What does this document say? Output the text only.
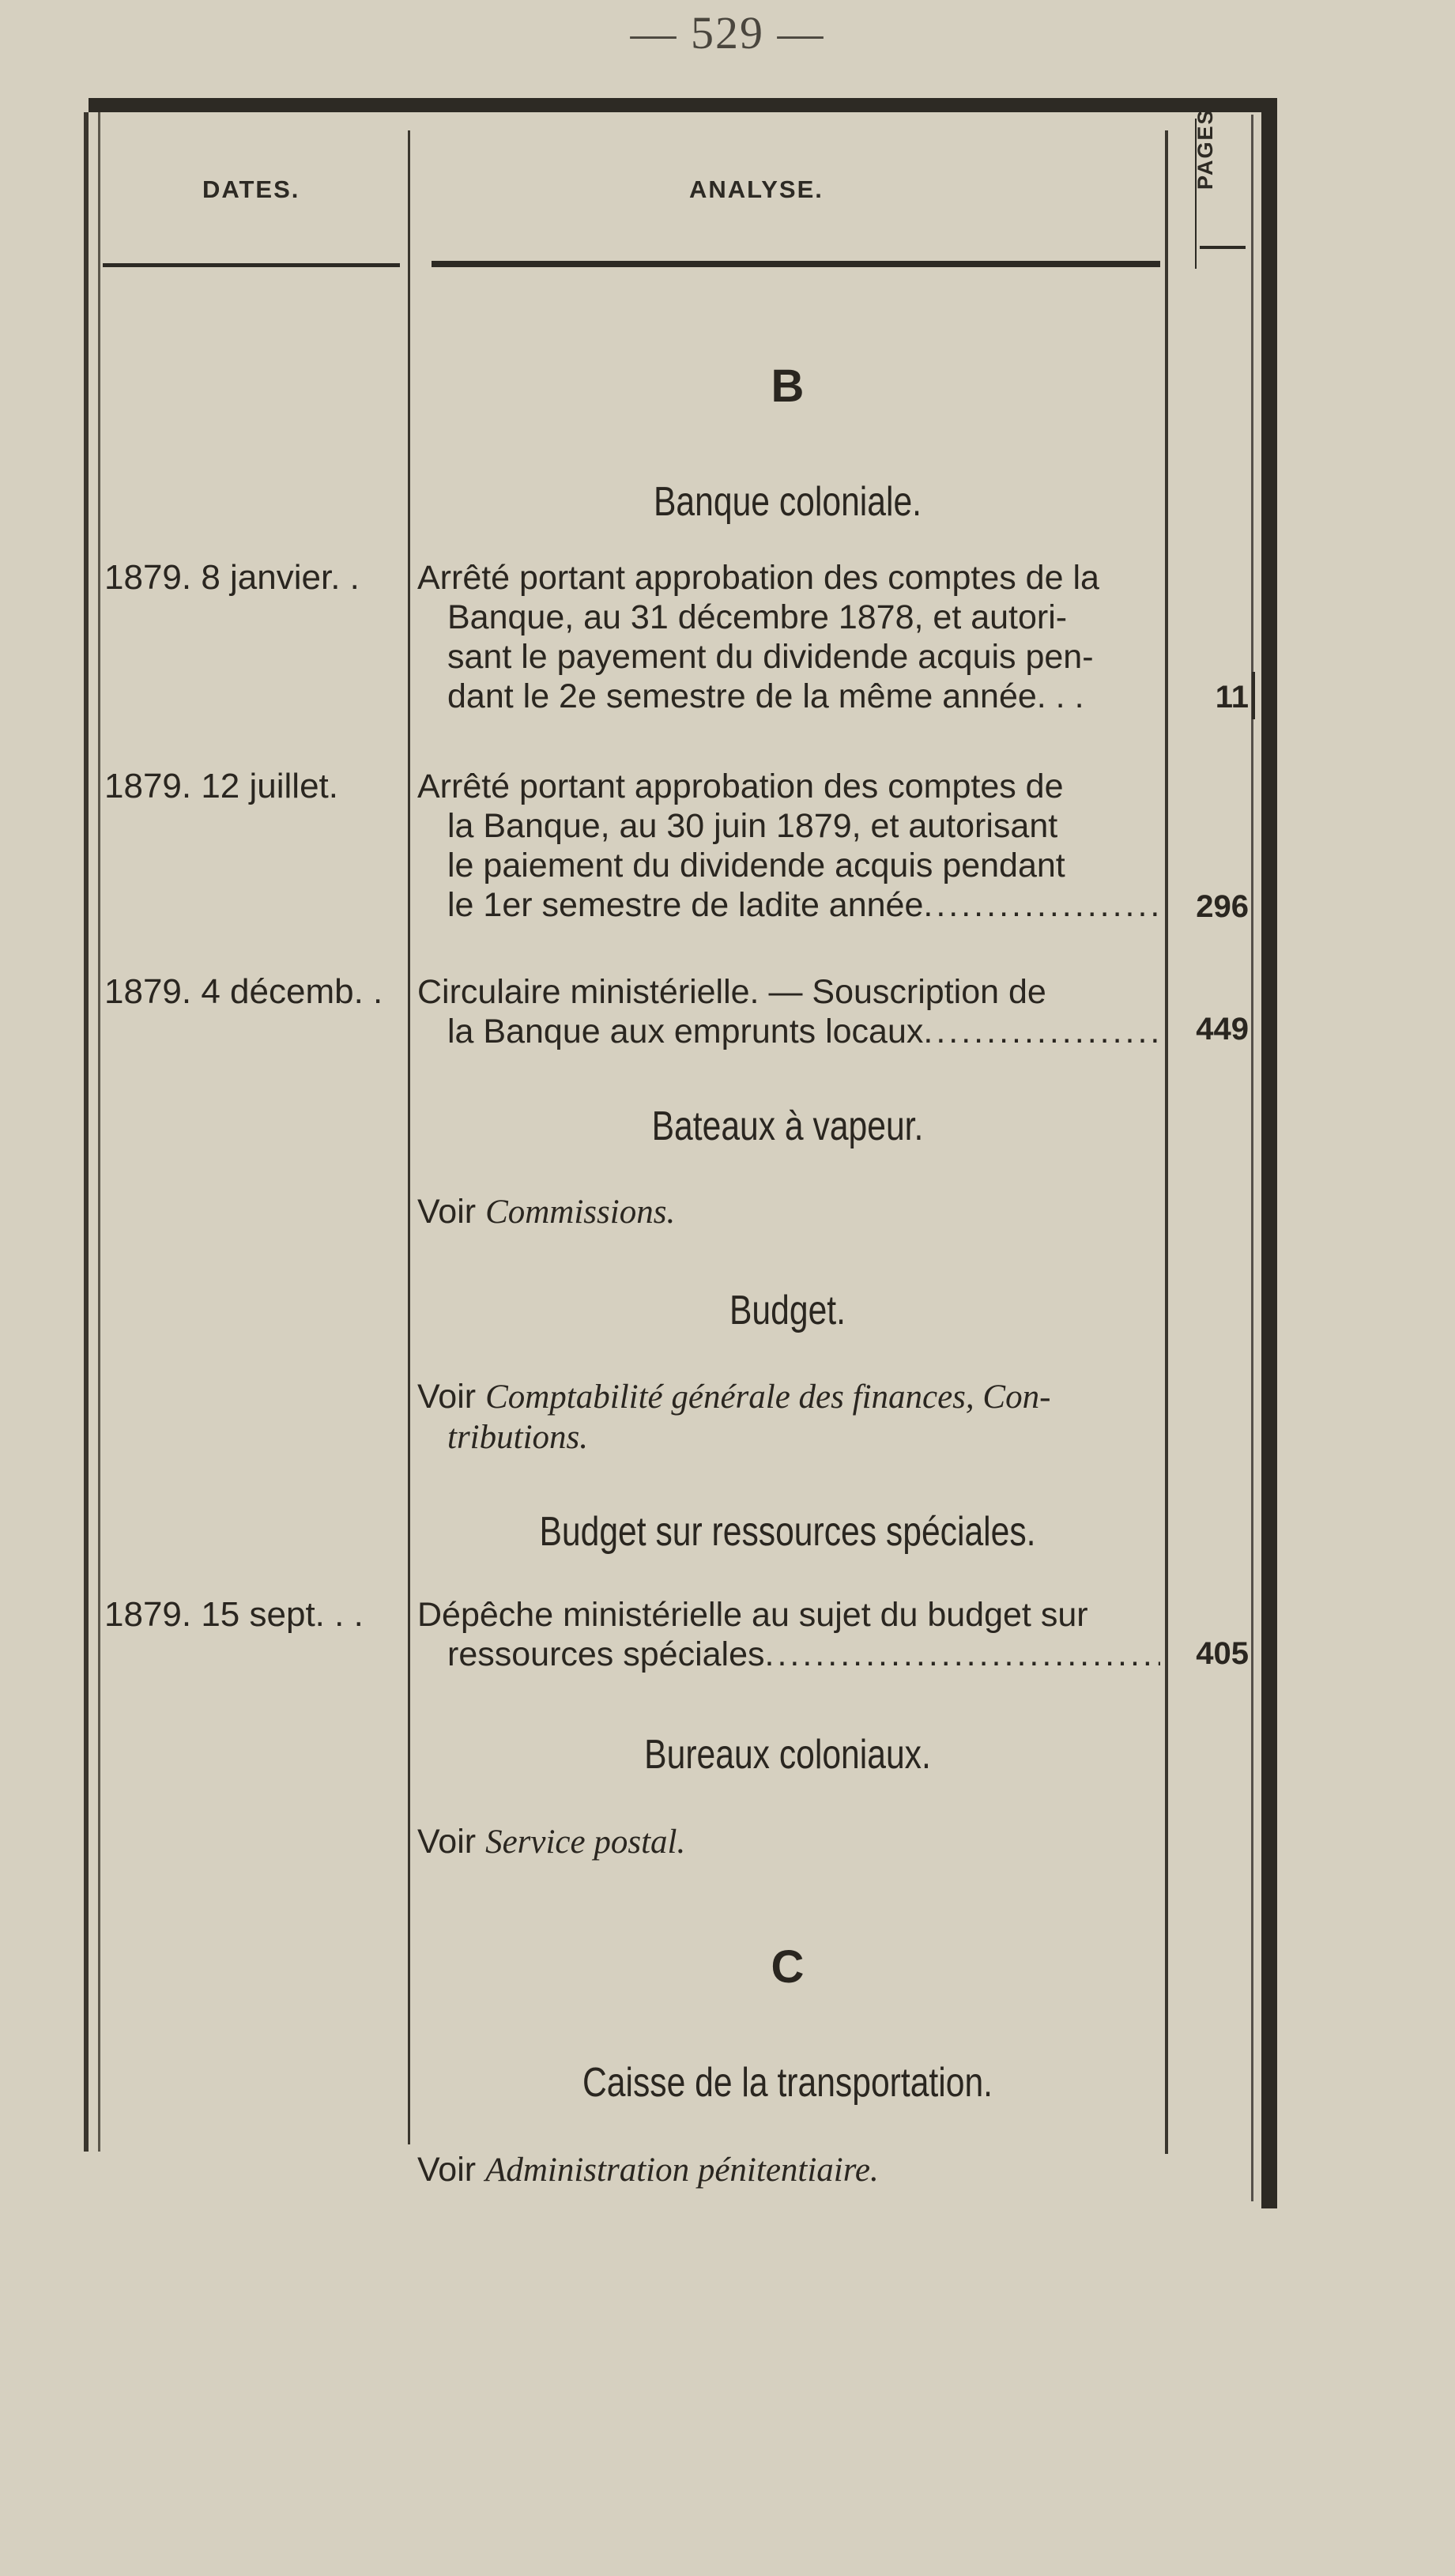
— 529 —
DATES.	ANALYSE.	PAGES.
B
Banque coloniale.
1879. 8 janvier. .	Arrêté portant approbation des comptes de la
Banque, au 31 décembre 1878, et autori-
sant le payement du dividende acquis pen-
dant le 2e semestre de la même année. . .	11
1879. 12 juillet.	Arrêté portant approbation des comptes de
la Banque, au 30 juin 1879, et autorisant
le paiement du dividende acquis pendant
le 1er semestre de ladite année .....	296
1879. 4 décemb. .	Circulaire ministérielle. — Souscription de
la Banque aux emprunts locaux .....	449
Bateaux à vapeur.
Voir Commissions.
Budget.
Voir Comptabilité générale des finances, Con-
tributions.
Budget sur ressources spéciales.
1879. 15 sept. . .	Dépêche ministérielle au sujet du budget sur
ressources spéciales .....	405
Bureaux coloniaux.
Voir Service postal.
C
Caisse de la transportation.
Voir Administration pénitentiaire.
